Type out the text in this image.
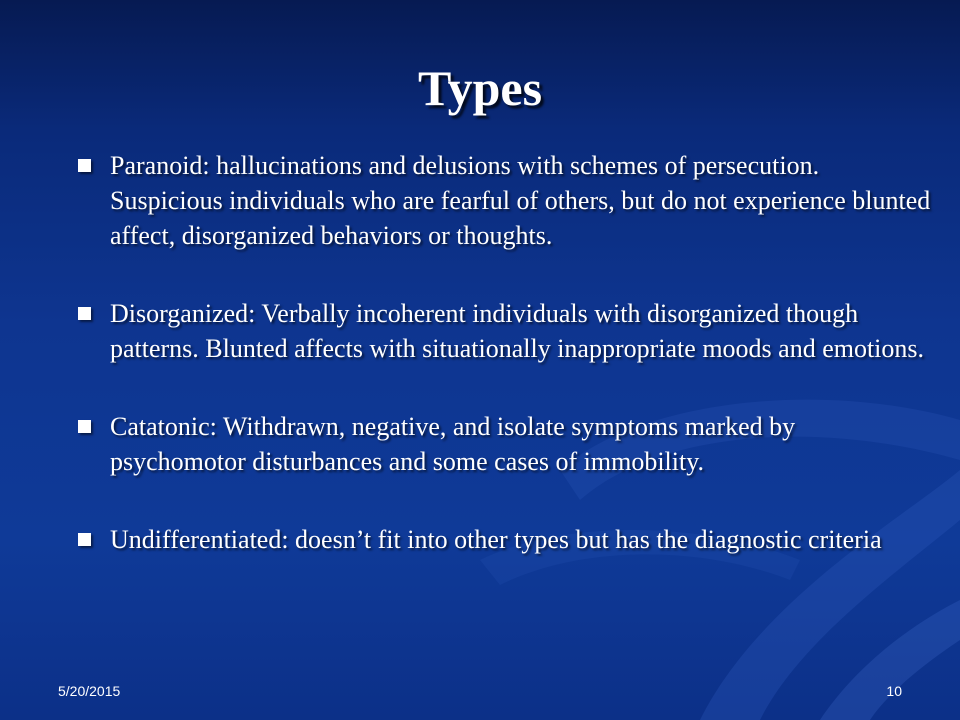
Types
Paranoid: hallucinations and delusions with schemes of persecution. Suspicious individuals who are fearful of others, but do not experience blunted affect, disorganized behaviors or thoughts.
Disorganized: Verbally incoherent individuals with disorganized though patterns. Blunted affects with situationally inappropriate moods and emotions.
Catatonic: Withdrawn, negative, and isolate symptoms marked by psychomotor disturbances and some cases of immobility.
Undifferentiated: doesn’t fit into other types but has the diagnostic criteria
5/20/2015	10
